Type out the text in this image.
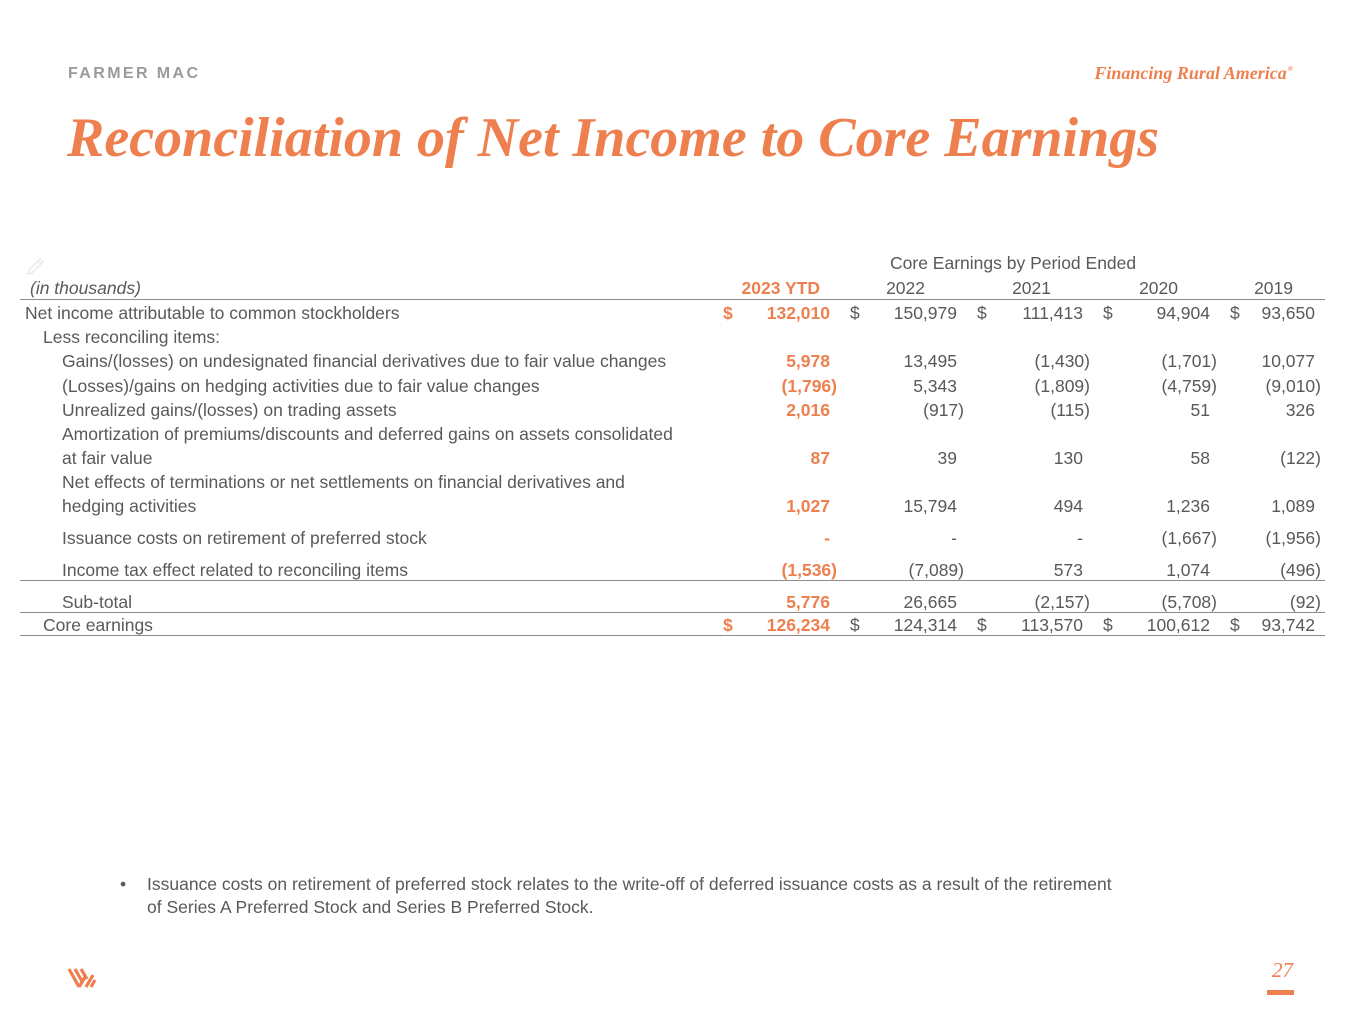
FARMER MAC	Financing Rural America®
Reconciliation of Net Income to Core Earnings
Core Earnings by Period Ended
(in thousands)	2023 YTD	2022	2021	2020	2019
Net income attributable to common stockholders	$ 132,010 $ 150,979 $ 111,413 $ 94,904 $ 93,650
Less reconciling items:
Gains/(losses) on undesignated financial derivatives due to fair value changes	5,978	13,495	(1,430)	(1,701)	10,077
(Losses)/gains on hedging activities due to fair value changes	(1,796)	5,343	(1,809)	(4,759)	(9,010)
Unrealized gains/(losses) on trading assets	2,016	(917)	(115)	51	326
Amortization of premiums/discounts and deferred gains on assets consolidated
at fair value	87	39	130	58	(122)
Net effects of terminations or net settlements on financial derivatives and
hedging activities	1,027	15,794	494	1,236	1,089
Issuance costs on retirement of preferred stock	-	-	-	(1,667)	(1,956)
Income tax effect related to reconciling items	(1,536)	(7,089)	573	1,074	(496)
Sub-total	5,776	26,665	(2,157)	(5,708)	(92)
Core earnings	$ 126,234 $ 124,314 $ 113,570 $ 100,612 $ 93,742
• Issuance costs on retirement of preferred stock relates to the write-off of deferred issuance costs as a result of the retirement of Series A Preferred Stock and Series B Preferred Stock.
27
